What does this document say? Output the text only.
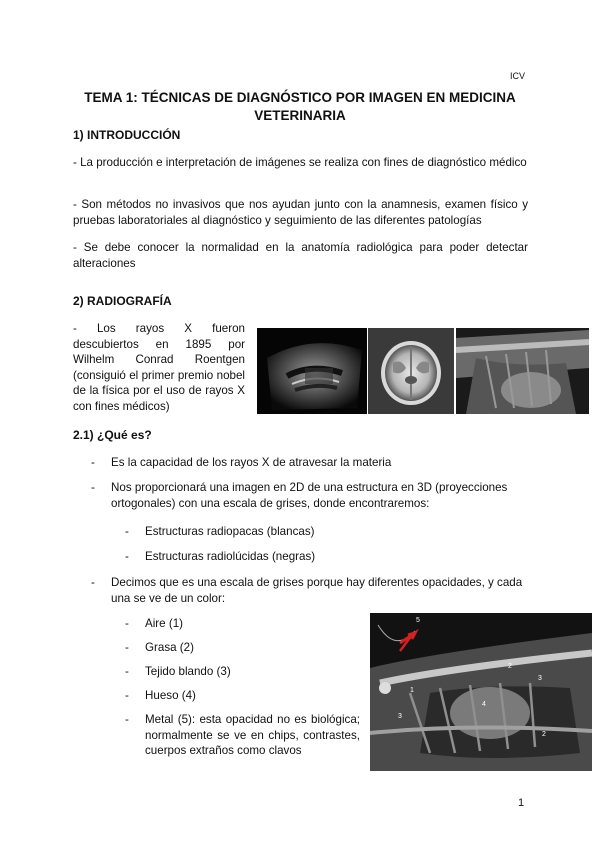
ICV
TEMA 1: TÉCNICAS DE DIAGNÓSTICO POR IMAGEN EN MEDICINA
VETERINARIA
1) INTRODUCCIÓN
- La producción e interpretación de imágenes se realiza con fines de diagnóstico médico
- Son métodos no invasivos que nos ayudan junto con la anamnesis, examen físico y pruebas laboratoriales al diagnóstico y seguimiento de las diferentes patologías
- Se debe conocer la normalidad en la anatomía radiológica para poder detectar alteraciones
2) RADIOGRAFÍA
- Los rayos X fueron descubiertos en 1895 por Wilhelm Conrad Roentgen (consiguió el primer premio nobel de la física por el uso de rayos X con fines médicos)
2.1) ¿Qué es?
- Es la capacidad de los rayos X de atravesar la materia
- Nos proporcionará una imagen en 2D de una estructura en 3D (proyecciones ortogonales) con una escala de grises, donde encontraremos:
- Estructuras radiopacas (blancas)
- Estructuras radiolúcidas (negras)
- Decimos que es una escala de grises porque hay diferentes opacidades, y cada una se ve de un color:
- Aire (1)
- Grasa (2)
- Tejido blando (3)
- Hueso (4)
- Metal (5): esta opacidad no es biológica; normalmente se ve en chips, contrastes, cuerpos extraños como clavos
5
1
2
3
4
3
2
1
